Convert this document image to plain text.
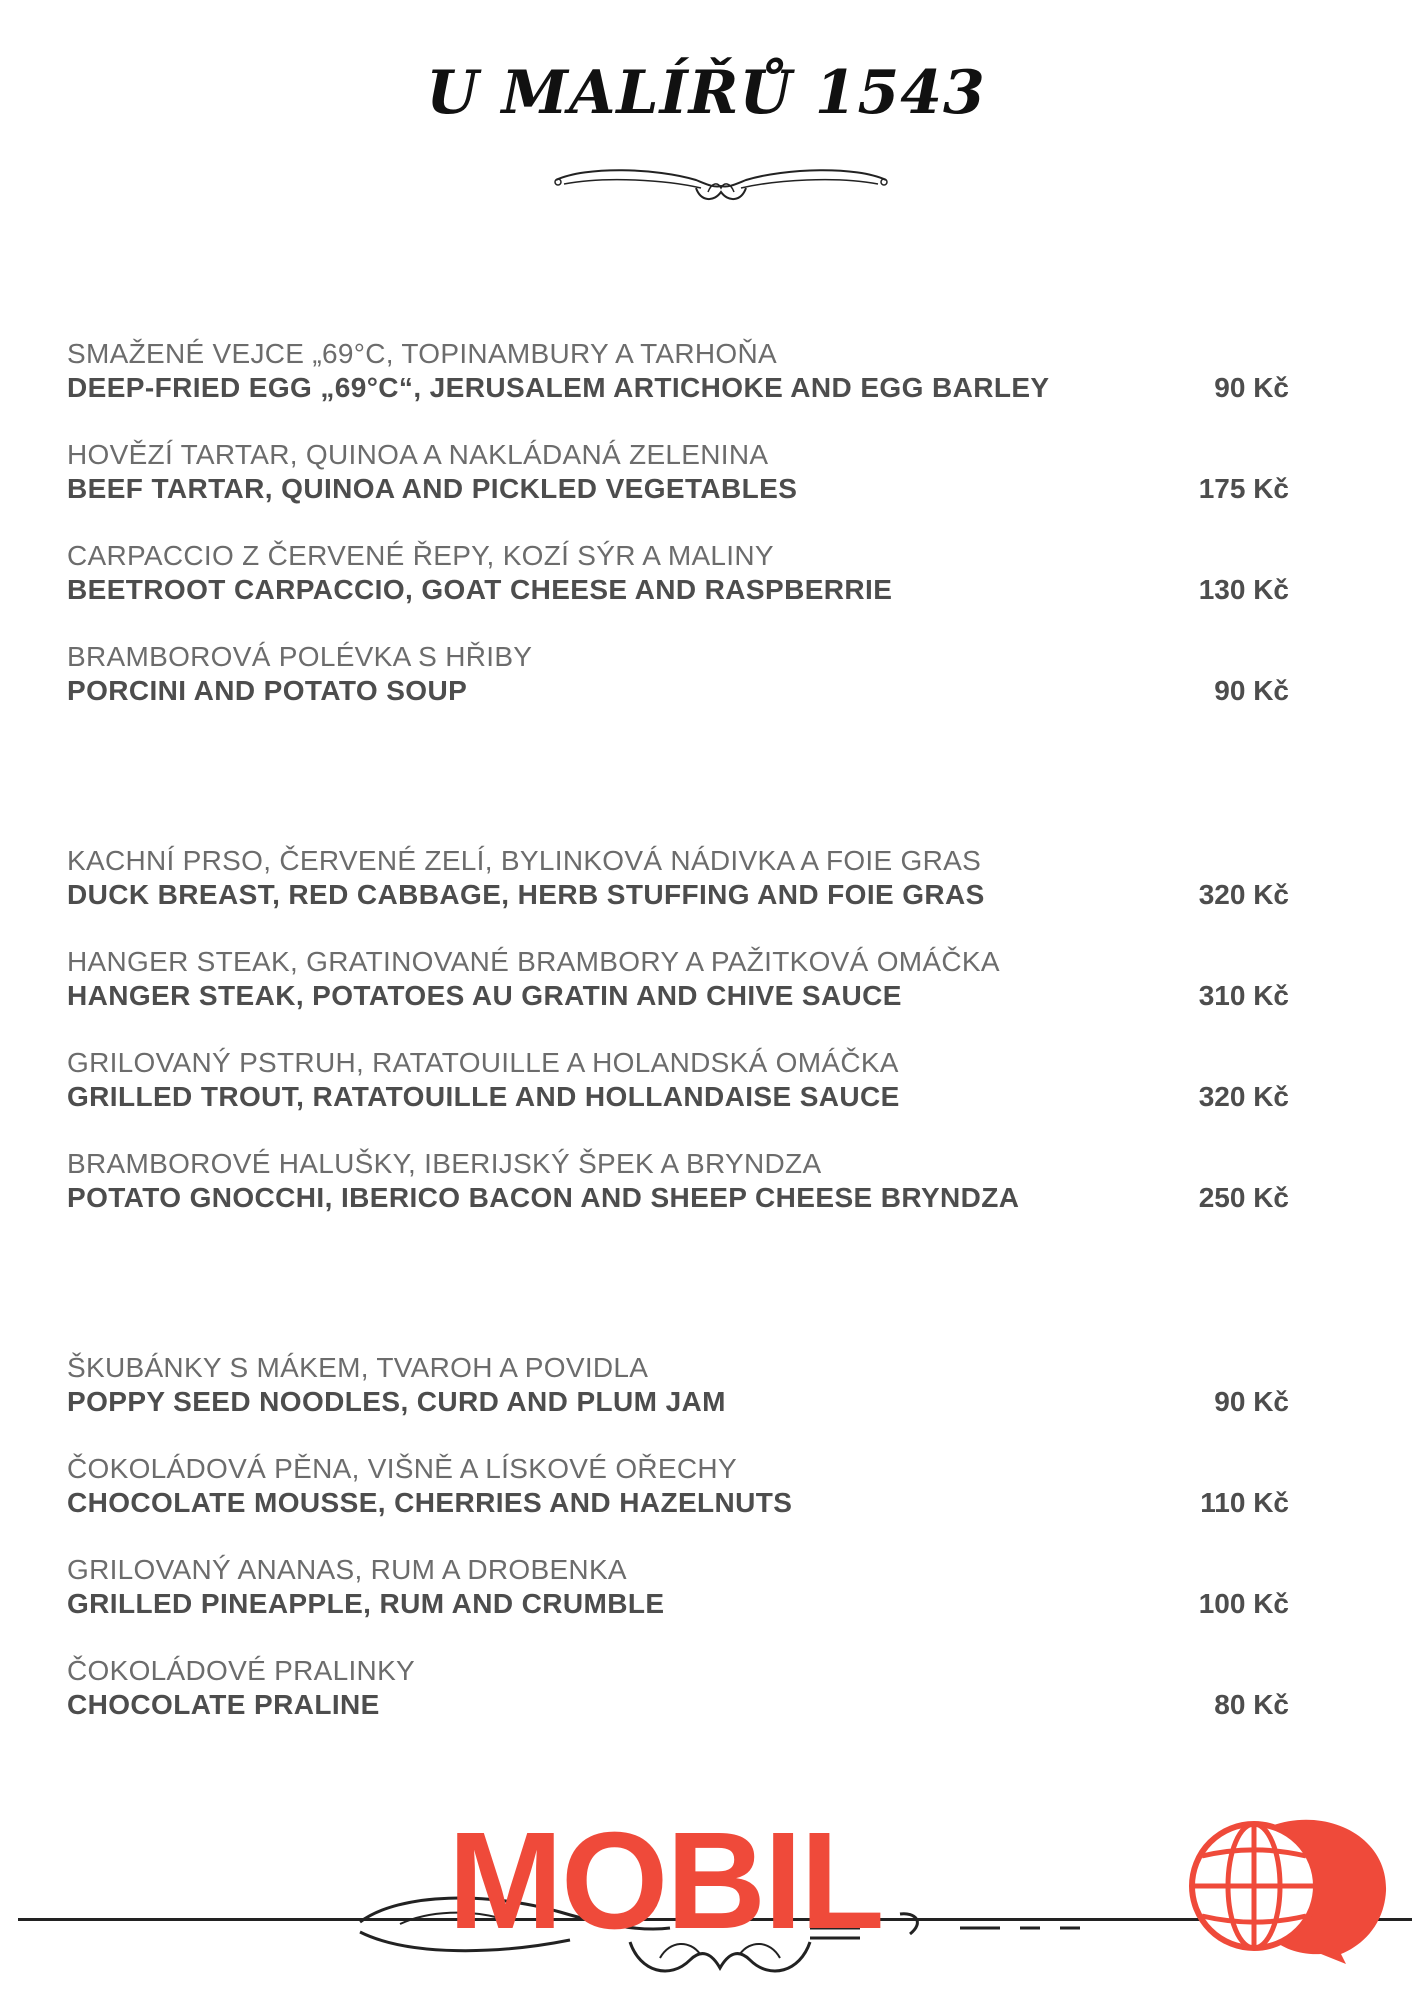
U MALÍŘŮ 1543
SMAŽENÉ VEJCE „69°C, TOPINAMBURY A TARHOŇA
DEEP-FRIED EGG „69°C“, JERUSALEM ARTICHOKE AND EGG BARLEY	90 Kč
HOVĚZÍ TARTAR, QUINOA A NAKLÁDANÁ ZELENINA
BEEF TARTAR, QUINOA AND PICKLED VEGETABLES	175 Kč
CARPACCIO Z ČERVENÉ ŘEPY, KOZÍ SÝR A MALINY
BEETROOT CARPACCIO, GOAT CHEESE AND RASPBERRIE	130 Kč
BRAMBOROVÁ POLÉVKA S HŘIBY
PORCINI AND POTATO SOUP	90 Kč
KACHNÍ PRSO, ČERVENÉ ZELÍ, BYLINKOVÁ NÁDIVKA A FOIE GRAS
DUCK BREAST, RED CABBAGE, HERB STUFFING AND FOIE GRAS	320 Kč
HANGER STEAK, GRATINOVANÉ BRAMBORY A PAŽITKOVÁ OMÁČKA
HANGER STEAK, POTATOES AU GRATIN AND CHIVE SAUCE	310 Kč
GRILOVANÝ PSTRUH, RATATOUILLE A HOLANDSKÁ OMÁČKA
GRILLED TROUT, RATATOUILLE AND HOLLANDAISE SAUCE	320 Kč
BRAMBOROVÉ HALUŠKY, IBERIJSKÝ ŠPEK A BRYNDZA
POTATO GNOCCHI, IBERICO BACON AND SHEEP CHEESE BRYNDZA	250 Kč
ŠKUBÁNKY S MÁKEM, TVAROH A POVIDLA
POPPY SEED NOODLES, CURD AND PLUM JAM	90 Kč
ČOKOLÁDOVÁ PĚNA, VIŠNĚ A LÍSKOVÉ OŘECHY
CHOCOLATE MOUSSE, CHERRIES AND HAZELNUTS	110 Kč
GRILOVANÝ ANANAS, RUM A DROBENKA
GRILLED PINEAPPLE, RUM AND CRUMBLE	100 Kč
ČOKOLÁDOVÉ PRALINKY
CHOCOLATE PRALINE	80 Kč
MOBIL
